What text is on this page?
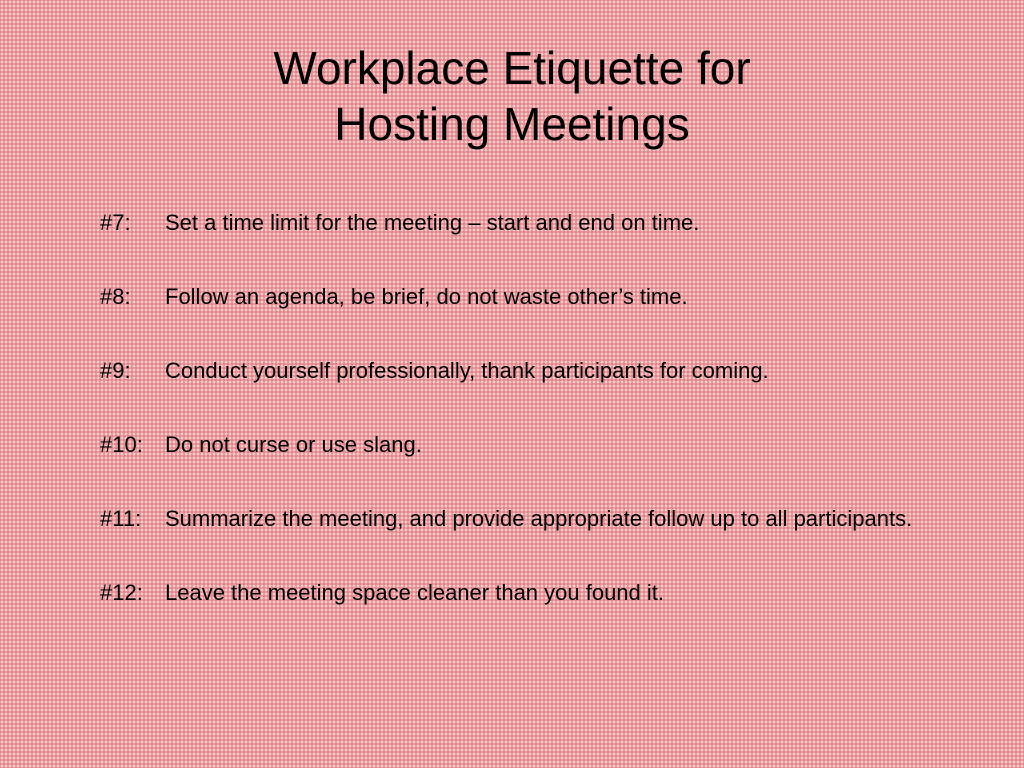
Workplace Etiquette for
Hosting Meetings
#7: Set a time limit for the meeting – start and end on time.
#8: Follow an agenda, be brief, do not waste other’s time.
#9: Conduct yourself professionally, thank participants for coming.
#10: Do not curse or use slang.
#11: Summarize the meeting, and provide appropriate follow up to all participants.
#12: Leave the meeting space cleaner than you found it.
